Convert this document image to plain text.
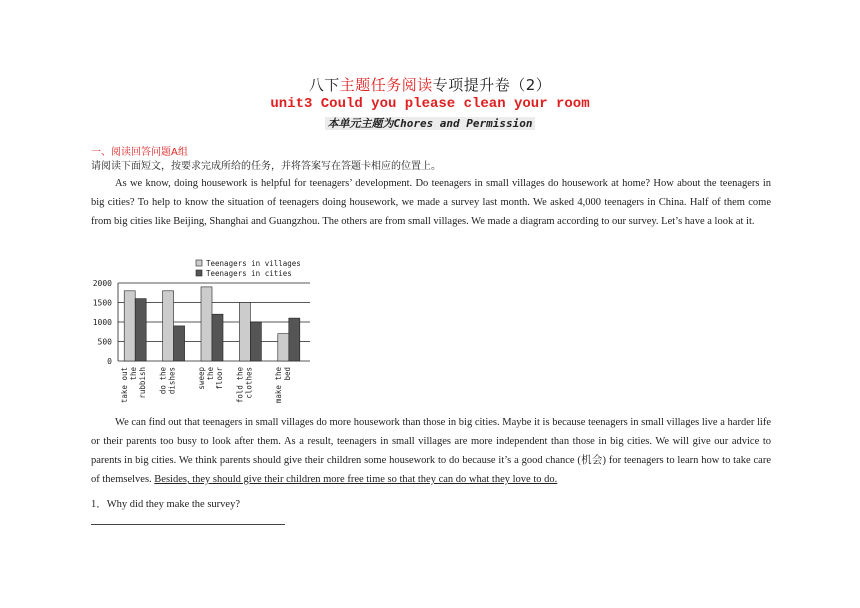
八下主题任务阅读专项提升卷（2）
unit3 Could you please clean your room
本单元主题为Chores and Permission
一、阅读回答问题A组
请阅读下面短文，按要求完成所给的任务，并将答案写在答题卡相应的位置上。
As we know, doing housework is helpful for teenagers’ development. Do teenagers in small villages do housework at home? How about the teenagers in big cities? To help to know the situation of teenagers doing housework, we made a survey last month. We asked 4,000 teenagers in China. Half of them come from big cities like Beijing, Shanghai and Guangzhou. The others are from small villages. We made a diagram according to our survey. Let’s have a look at it.
0
500
1000
1500
2000
Teenagers in villages
Teenagers in cities
take out the rubbish do the dishes	sweep the floor fold the clothes	make the bed
We can find out that teenagers in small villages do more housework than those in big cities. Maybe it is because teenagers in small villages live a harder life or their parents too busy to look after them. As a result, teenagers in small villages are more independent than those in big cities. We will give our advice to parents in big cities. We think parents should give their children some housework to do because it’s a good chance (机会) for teenagers to learn how to take care of themselves. Besides, they should give their children more free time so that they can do what they love to do.
1．Why did they make the survey?
